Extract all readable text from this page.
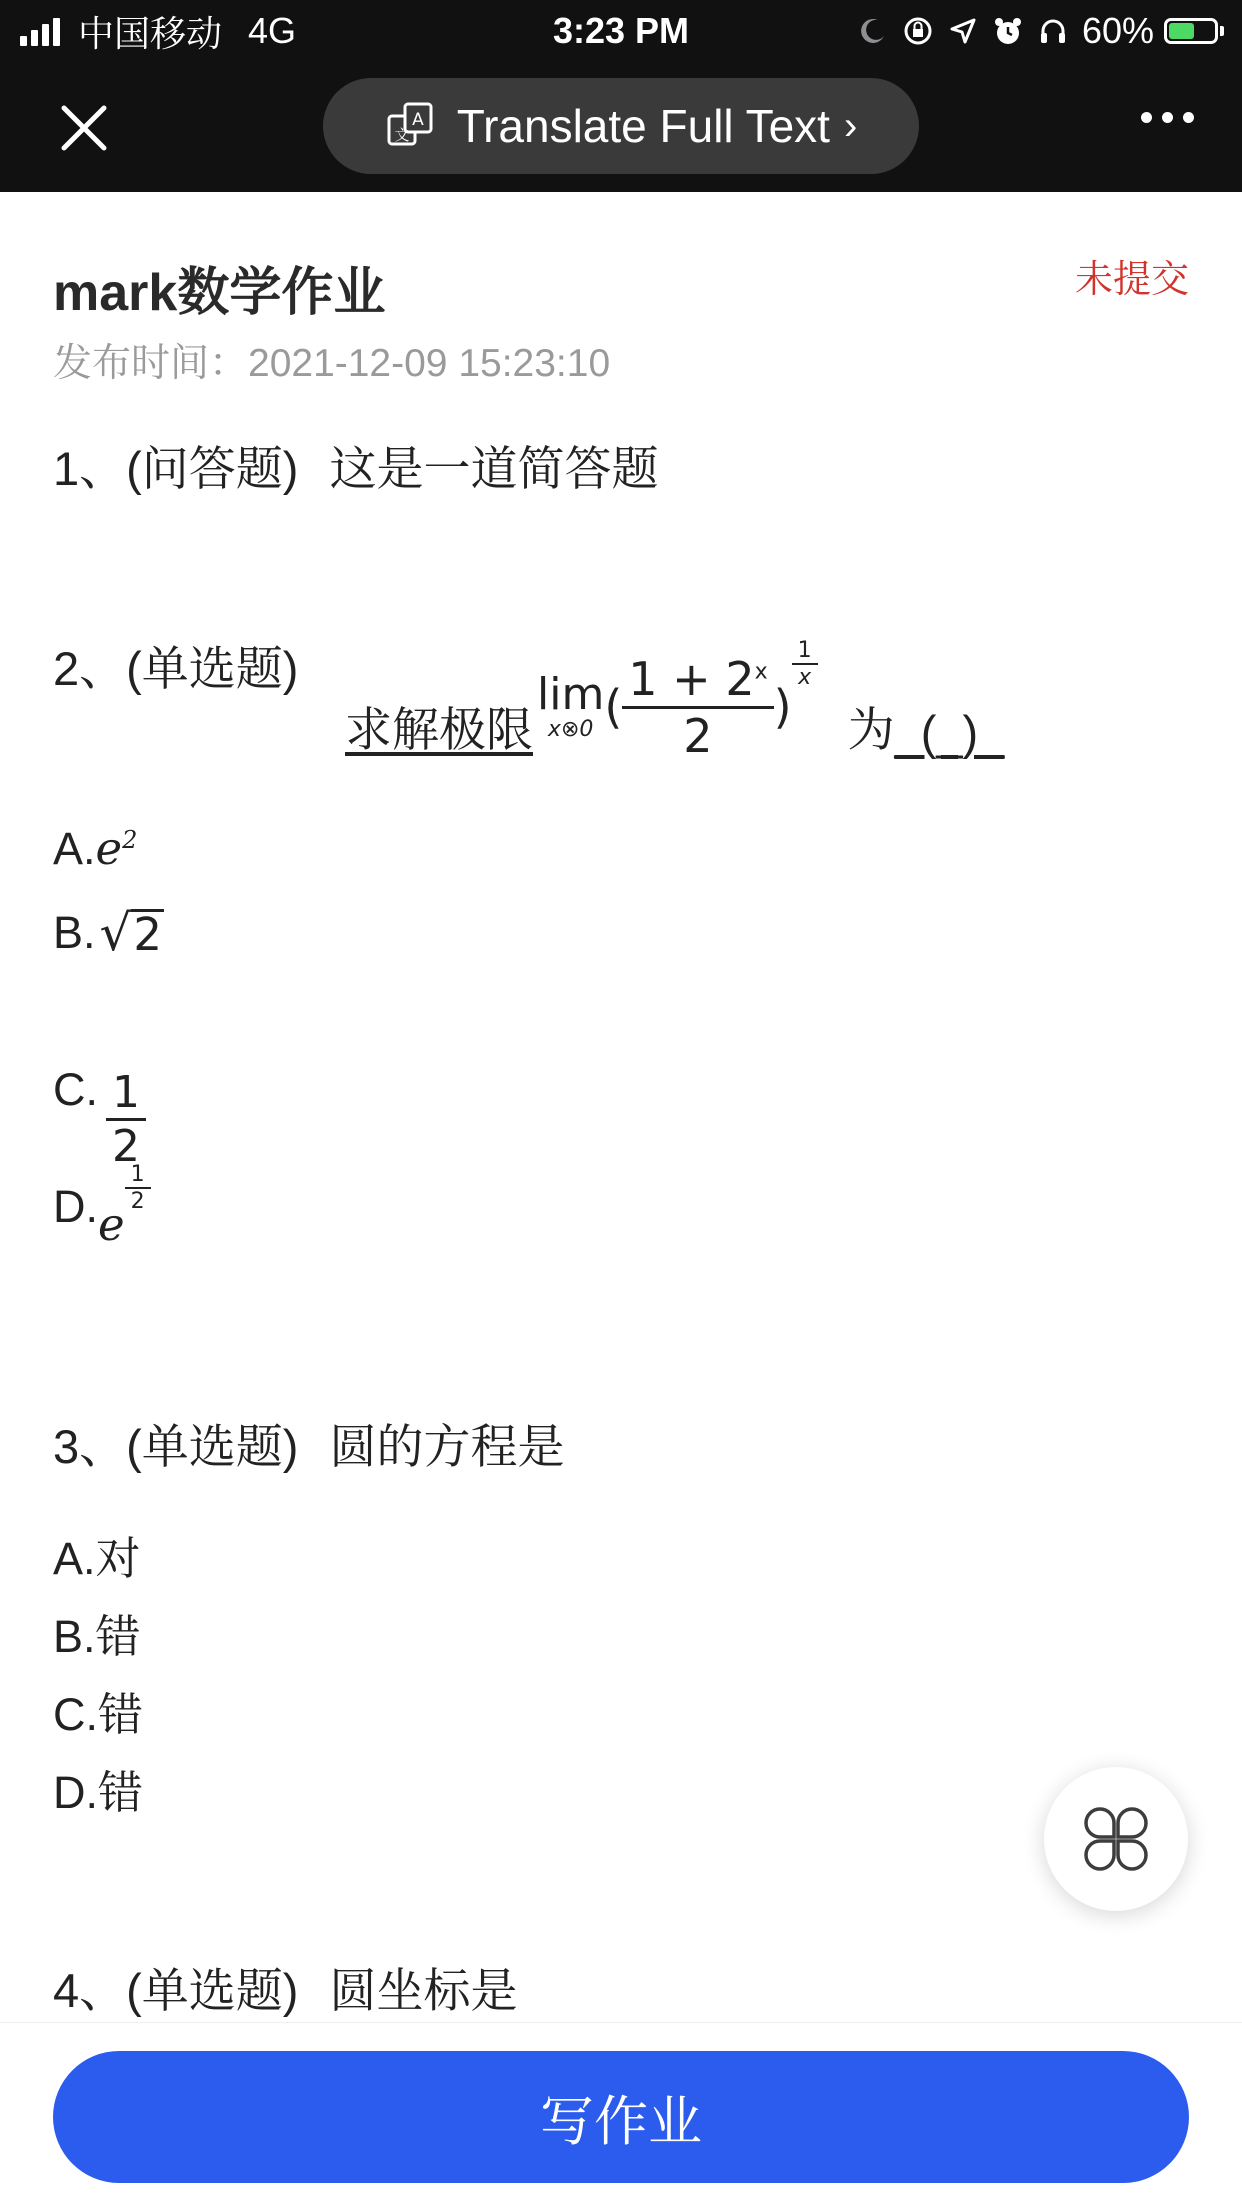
中国移动 4G	3:23 PM	60%
A
文 Translate Full Text ›
mark数学作业	未提交
发布时间：2021-12-09 15:23:10
1、(问答题) 这是一道简答题
2、(单选题)
求解极限
lim
x⊗0 ( $\frac{1 + 2^x}{2}$ )
$\frac{1}{x}$
为 _(_)_
A. $e^2$
B. √ 2
C. $\frac{1}{2}$
D. e
$\frac{1}{2}$
3、(单选题) 圆的方程是
A.对
B.错
C.错
D.错
4、(单选题) 圆坐标是
写作业
